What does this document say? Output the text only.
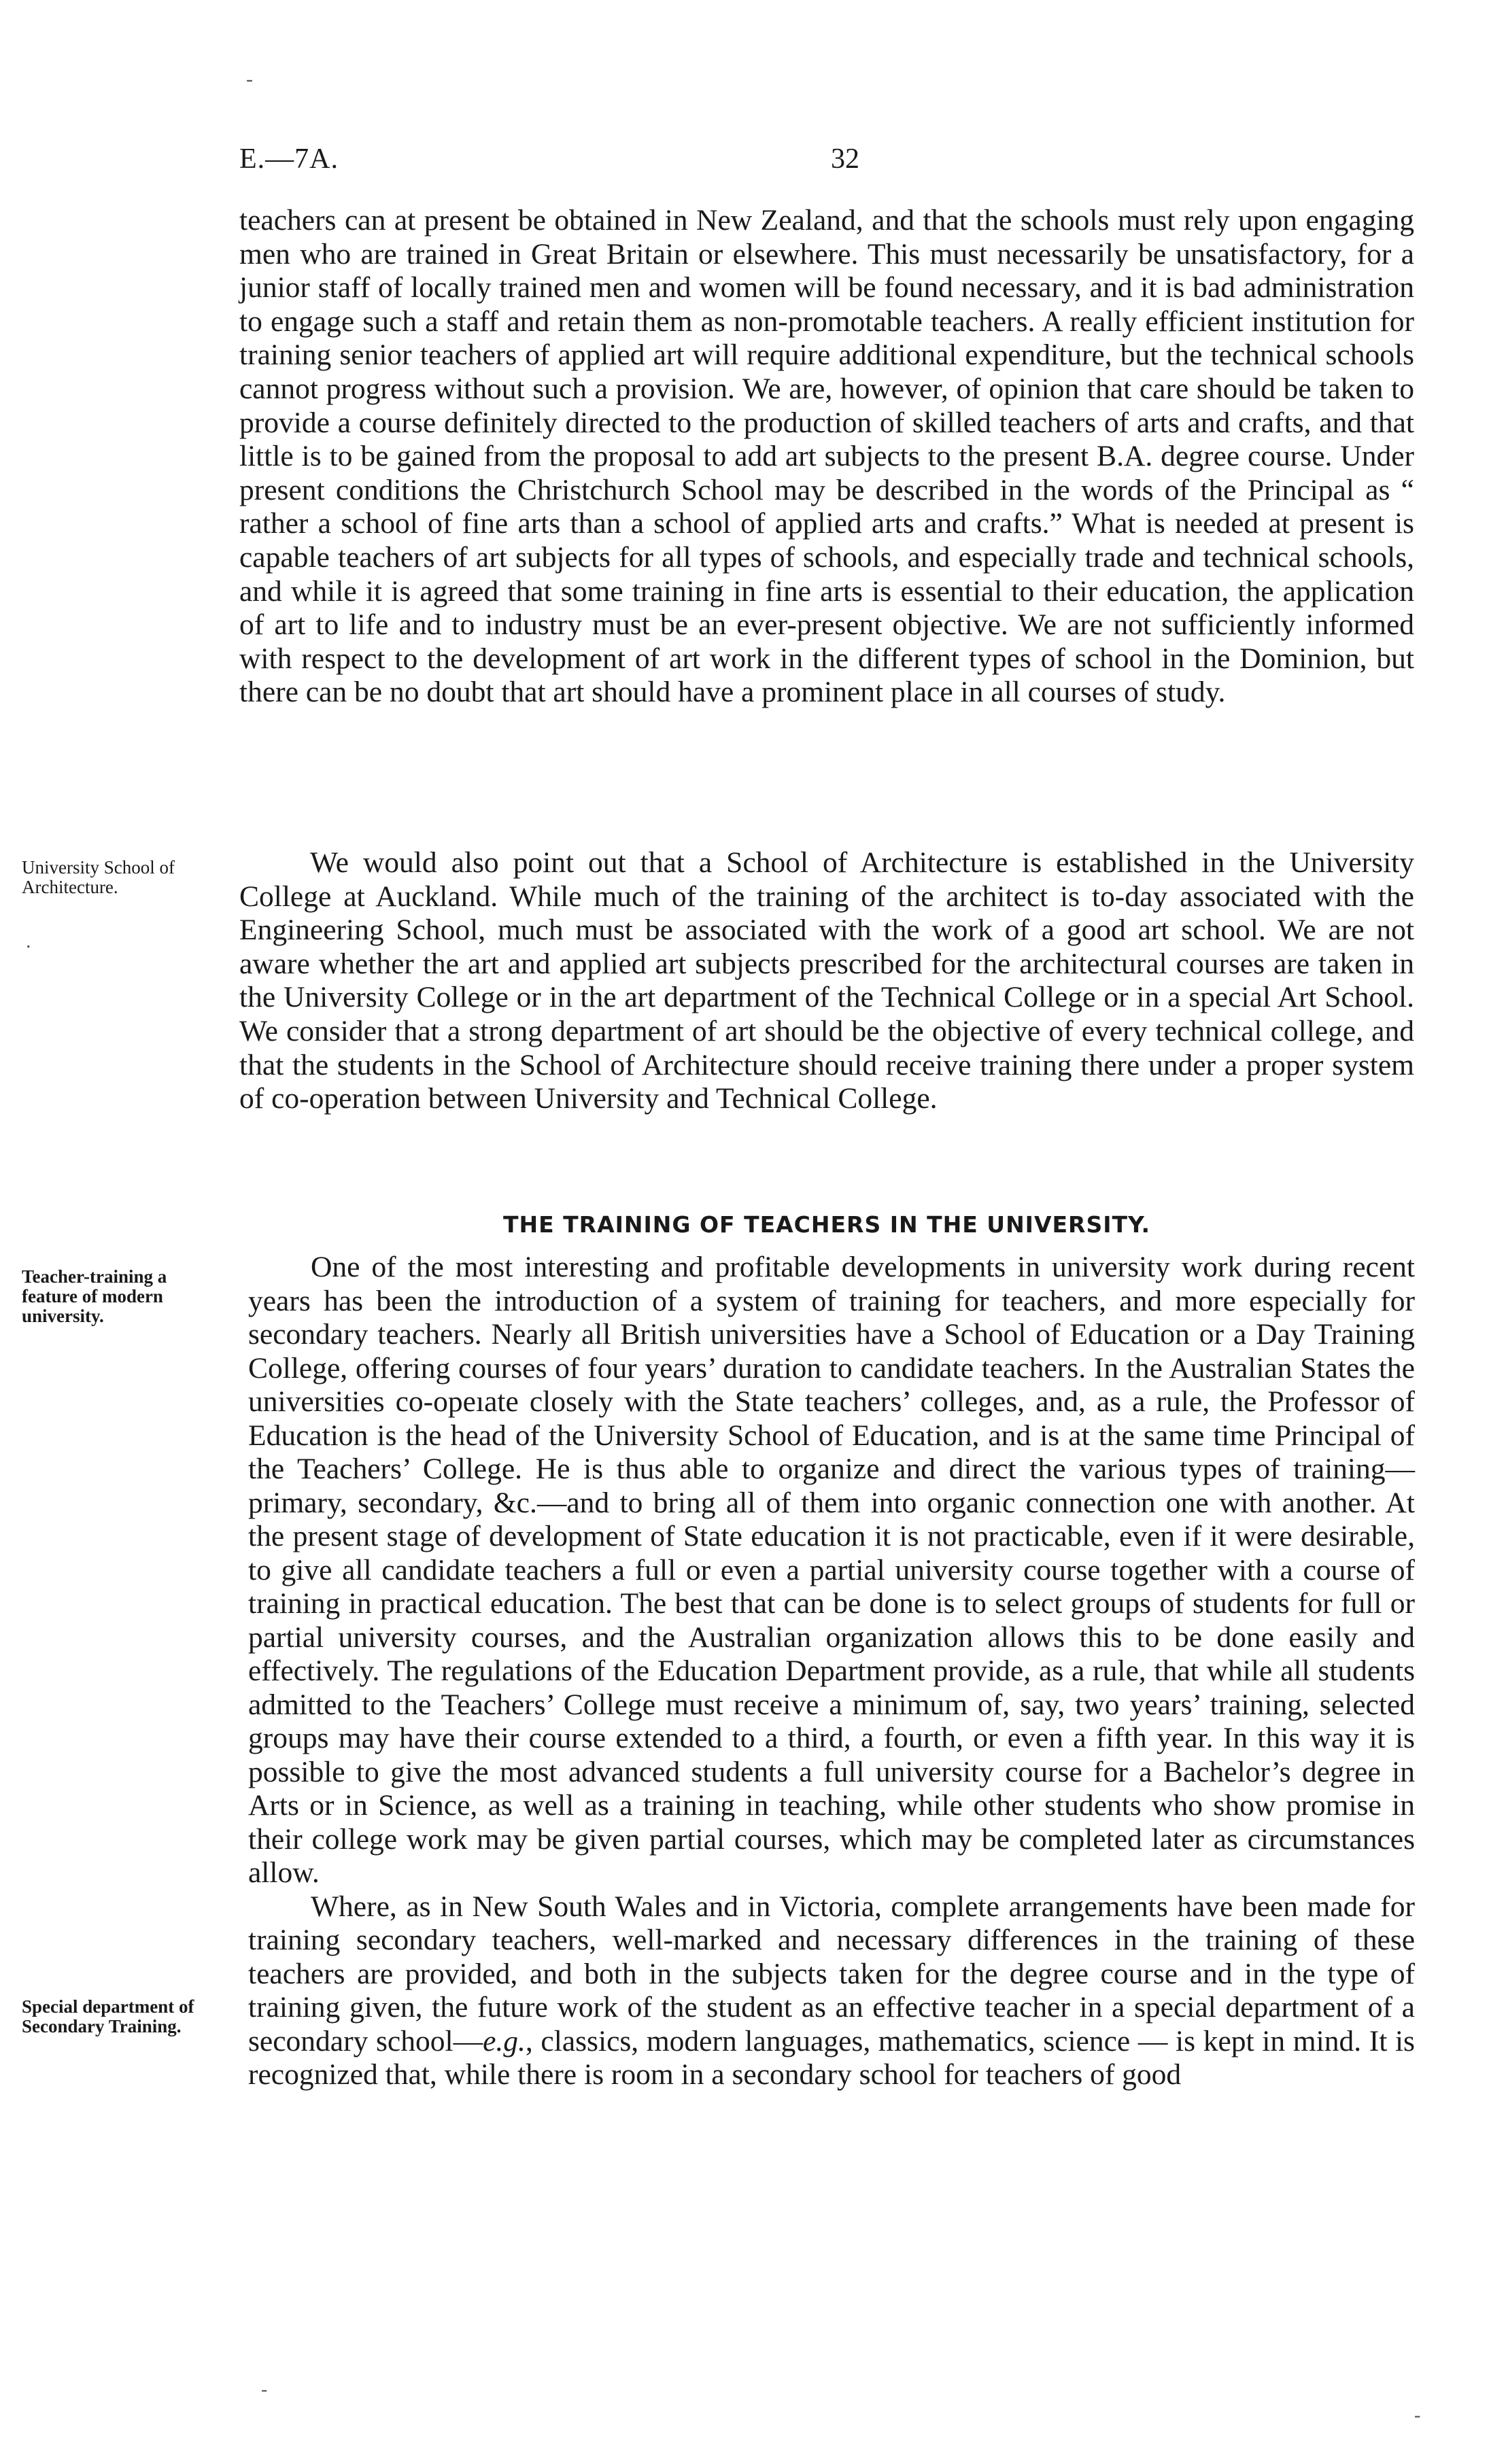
-
E.—7A.	32

teachers can at present be obtained in New Zealand, and that the schools must rely upon engaging men who are trained in Great Britain or elsewhere. This must necessarily be unsatisfactory, for a junior staff of locally trained men and women will be found necessary, and it is bad administration to engage such a staff and retain them as non-promotable teachers. A really efficient institution for training senior teachers of applied art will require additional expenditure, but the technical schools cannot progress without such a provision. We are, however, of opinion that care should be taken to provide a course definitely directed to the production of skilled teachers of arts and crafts, and that little is to be gained from the proposal to add art subjects to the present B.A. degree course. Under present conditions the Christchurch School may be described in the words of the Principal as “ rather a school of fine arts than a school of applied arts and crafts.” What is needed at present is capable teachers of art subjects for all types of schools, and especially trade and technical schools, and while it is agreed that some training in fine arts is essential to their education, the application of art to life and to industry must be an ever-present objective. We are not sufficiently informed with respect to the development of art work in the different types of school in the Dominion, but there can be no doubt that art should have a prominent place in all courses of study.

University School of Architecture.
.

We would also point out that a School of Architecture is established in the University College at Auckland. While much of the training of the architect is to-day associated with the Engineering School, much must be associated with the work of a good art school. We are not aware whether the art and applied art subjects prescribed for the architectural courses are taken in the University College or in the art department of the Technical College or in a special Art School. We consider that a strong department of art should be the objective of every technical college, and that the students in the School of Architecture should receive training there under a proper system of co-operation between University and Technical College.

THE TRAINING OF TEACHERS IN THE UNIVERSITY.
Teacher-training a feature of modern university.
Special department of Secondary Training.

One of the most interesting and profitable developments in university work during recent years has been the introduction of a system of training for teachers, and more especially for secondary teachers. Nearly all British universities have a School of Education or a Day Training College, offering courses of four years’ duration to candidate teachers. In the Australian States the universities co-opeıate closely with the State teachers’ colleges, and, as a rule, the Professor of Education is the head of the University School of Education, and is at the same time Principal of the Teachers’ College. He is thus able to organize and direct the various types of training—primary, secondary, &c.—and to bring all of them into organic connection one with another. At the present stage of development of State education it is not practicable, even if it were desirable, to give all candidate teachers a full or even a partial university course together with a course of training in practical education. The best that can be done is to select groups of students for full or partial university courses, and the Australian organization allows this to be done easily and effectively. The regulations of the Education Department provide, as a rule, that while all students admitted to the Teachers’ College must receive a minimum of, say, two years’ training, selected groups may have their course extended to a third, a fourth, or even a fifth year. In this way it is possible to give the most advanced students a full university course for a Bachelor’s degree in Arts or in Science, as well as a training in teaching, while other students who show promise in their college work may be given partial courses, which may be completed later as circumstances allow.

Where, as in New South Wales and in Victoria, complete arrangements have been made for training secondary teachers, well-marked and necessary differences in the training of these teachers are provided, and both in the subjects taken for the degree course and in the type of training given, the future work of the student as an effective teacher in a special department of a secondary school—e.g., classics, modern languages, mathematics, science — is kept in mind. It is recognized that, while there is room in a secondary school for teachers of good

-
-
